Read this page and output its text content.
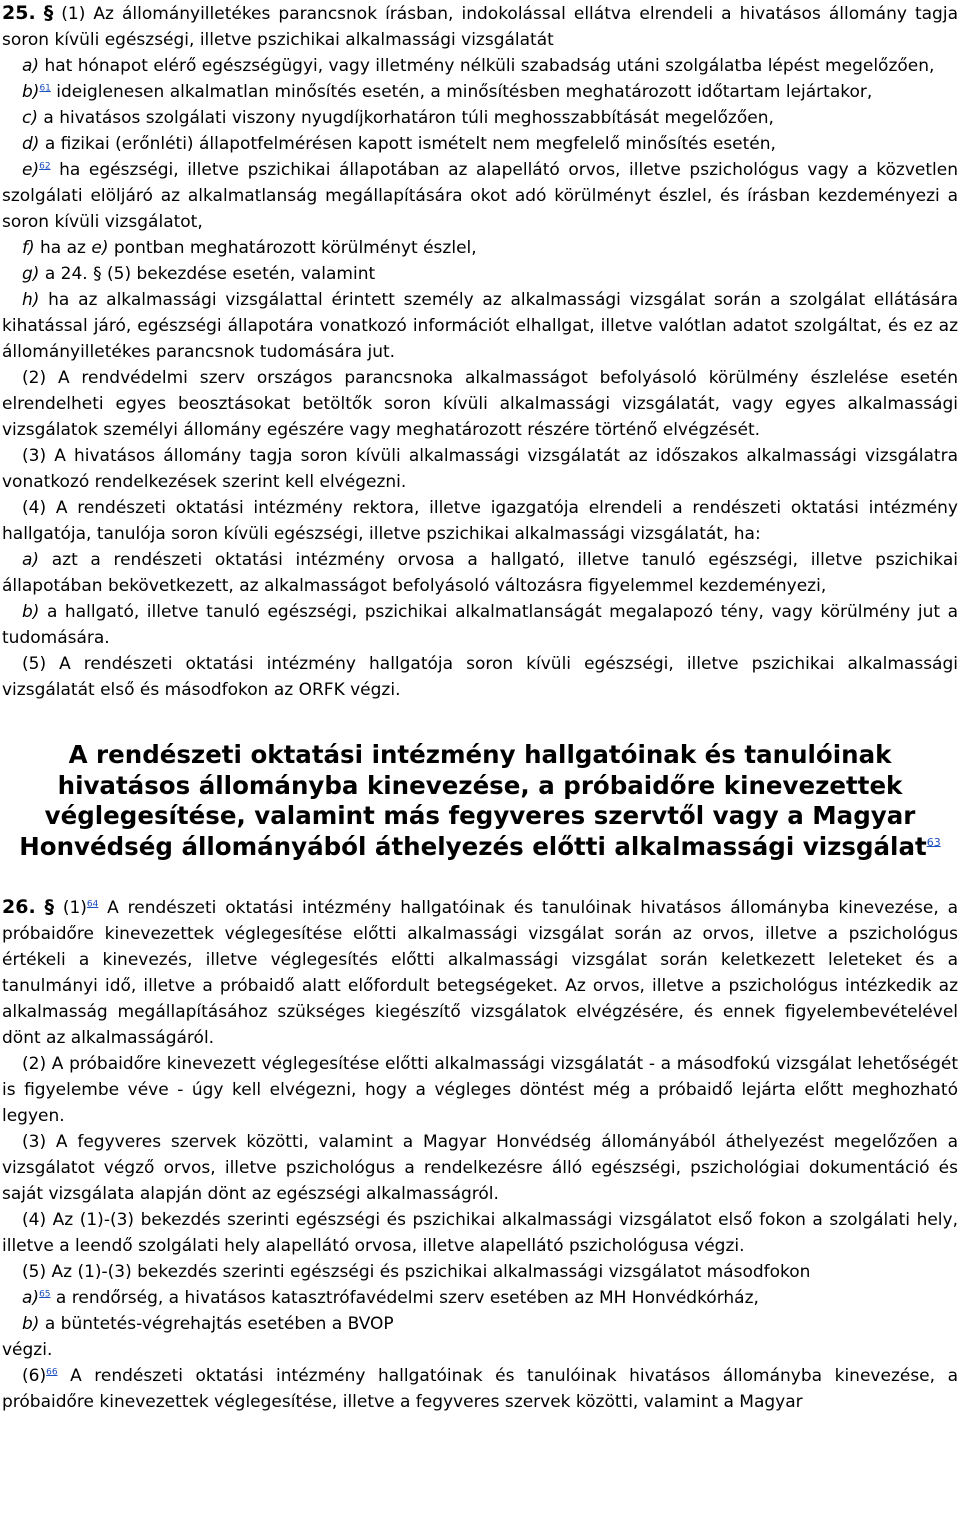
25. § (1) Az állományilletékes parancsnok írásban, indokolással ellátva elrendeli a hivatásos állomány tagja soron kívüli egészségi, illetve pszichikai alkalmassági vizsgálatát

a) hat hónapot elérő egészségügyi, vagy illetmény nélküli szabadság utáni szolgálatba lépést megelőzően,

b)$^{61}$ ideiglenesen alkalmatlan minősítés esetén, a minősítésben meghatározott időtartam lejártakor,

c) a hivatásos szolgálati viszony nyugdíjkorhatáron túli meghosszabbítását megelőzően,

d) a fizikai (erőnléti) állapotfelmérésen kapott ismételt nem megfelelő minősítés esetén,

e)$^{62}$ ha egészségi, illetve pszichikai állapotában az alapellátó orvos, illetve pszichológus vagy a közvetlen szolgálati elöljáró az alkalmatlanság megállapítására okot adó körülményt észlel, és írásban kezdeményezi a soron kívüli vizsgálatot,

f) ha az e) pontban meghatározott körülményt észlel,

g) a 24. § (5) bekezdése esetén, valamint

h) ha az alkalmassági vizsgálattal érintett személy az alkalmassági vizsgálat során a szolgálat ellátására kihatással járó, egészségi állapotára vonatkozó információt elhallgat, illetve valótlan adatot szolgáltat, és ez az állományilletékes parancsnok tudomására jut.

(2) A rendvédelmi szerv országos parancsnoka alkalmasságot befolyásoló körülmény észlelése esetén elrendelheti egyes beosztásokat betöltők soron kívüli alkalmassági vizsgálatát, vagy egyes alkalmassági vizsgálatok személyi állomány egészére vagy meghatározott részére történő elvégzését.

(3) A hivatásos állomány tagja soron kívüli alkalmassági vizsgálatát az időszakos alkalmassági vizsgálatra vonatkozó rendelkezések szerint kell elvégezni.

(4) A rendészeti oktatási intézmény rektora, illetve igazgatója elrendeli a rendészeti oktatási intézmény hallgatója, tanulója soron kívüli egészségi, illetve pszichikai alkalmassági vizsgálatát, ha:

a) azt a rendészeti oktatási intézmény orvosa a hallgató, illetve tanuló egészségi, illetve pszichikai állapotában bekövetkezett, az alkalmasságot befolyásoló változásra figyelemmel kezdeményezi,

b) a hallgató, illetve tanuló egészségi, pszichikai alkalmatlanságát megalapozó tény, vagy körülmény jut a tudomására.

(5) A rendészeti oktatási intézmény hallgatója soron kívüli egészségi, illetve pszichikai alkalmassági vizsgálatát első és másodfokon az ORFK végzi.

A rendészeti oktatási intézmény hallgatóinak és tanulóinak hivatásos állományba kinevezése, a próbaidőre kinevezettek véglegesítése, valamint más fegyveres szervtől vagy a Magyar Honvédség állományából áthelyezés előtti alkalmassági vizsgálat$^{63}$

26. § (1)$^{64}$ A rendészeti oktatási intézmény hallgatóinak és tanulóinak hivatásos állományba kinevezése, a próbaidőre kinevezettek véglegesítése előtti alkalmassági vizsgálat során az orvos, illetve a pszichológus értékeli a kinevezés, illetve véglegesítés előtti alkalmassági vizsgálat során keletkezett leleteket és a tanulmányi idő, illetve a próbaidő alatt előfordult betegségeket. Az orvos, illetve a pszichológus intézkedik az alkalmasság megállapításához szükséges kiegészítő vizsgálatok elvégzésére, és ennek figyelembevételével dönt az alkalmasságáról.

(2) A próbaidőre kinevezett véglegesítése előtti alkalmassági vizsgálatát - a másodfokú vizsgálat lehetőségét is figyelembe véve - úgy kell elvégezni, hogy a végleges döntést még a próbaidő lejárta előtt meghozható legyen.

(3) A fegyveres szervek közötti, valamint a Magyar Honvédség állományából áthelyezést megelőzően a vizsgálatot végző orvos, illetve pszichológus a rendelkezésre álló egészségi, pszichológiai dokumentáció és saját vizsgálata alapján dönt az egészségi alkalmasságról.

(4) Az (1)-(3) bekezdés szerinti egészségi és pszichikai alkalmassági vizsgálatot első fokon a szolgálati hely, illetve a leendő szolgálati hely alapellátó orvosa, illetve alapellátó pszichológusa végzi.

(5) Az (1)-(3) bekezdés szerinti egészségi és pszichikai alkalmassági vizsgálatot másodfokon

a)$^{65}$ a rendőrség, a hivatásos katasztrófavédelmi szerv esetében az MH Honvédkórház,

b) a büntetés-végrehajtás esetében a BVOP

végzi.

(6)$^{66}$ A rendészeti oktatási intézmény hallgatóinak és tanulóinak hivatásos állományba kinevezése, a próbaidőre kinevezettek véglegesítése, illetve a fegyveres szervek közötti, valamint a Magyar
